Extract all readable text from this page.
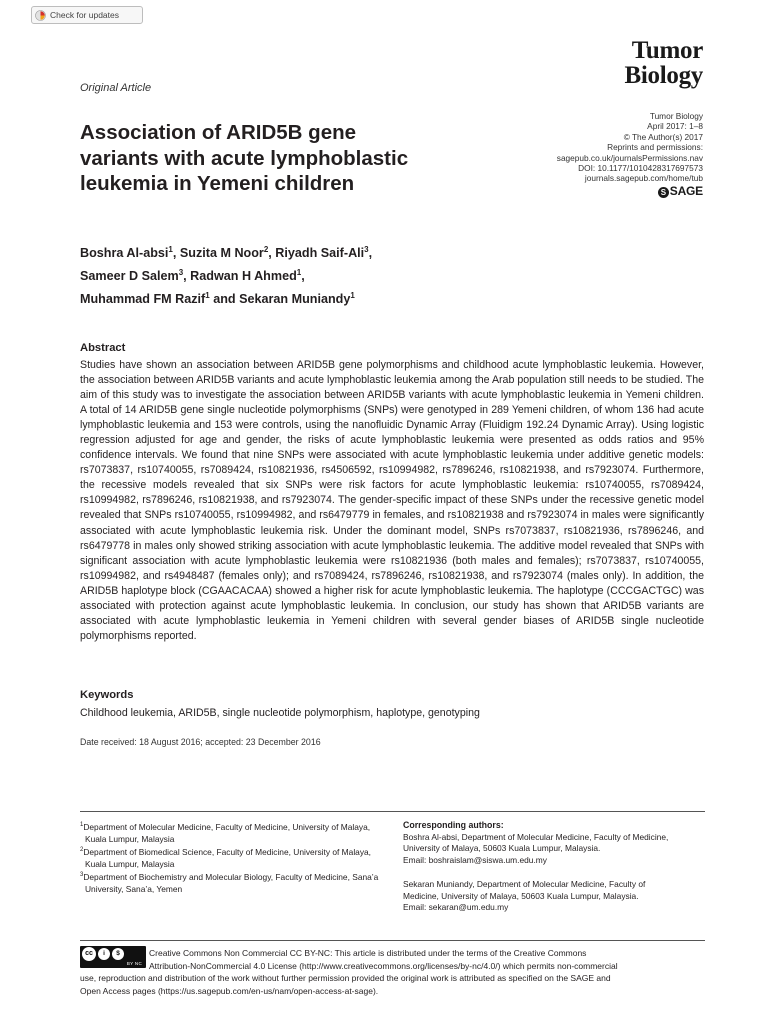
Check for updates
Tumor
Biology
Original Article
Tumor Biology
April 2017: 1–8
© The Author(s) 2017
Reprints and permissions:
sagepub.co.uk/journalsPermissions.nav
DOI: 10.1177/1010428317697573
journals.sagepub.com/home/tub
S SAGE
Association of ARID5B gene
variants with acute lymphoblastic
leukemia in Yemeni children
Boshra Al-absi$^1$, Suzita M Noor$^2$, Riyadh Saif-Ali$^3$,
Sameer D Salem$^3$, Radwan H Ahmed$^1$,
Muhammad FM Razif$^1$ and Sekaran Muniandy$^1$
Abstract

Studies have shown an association between ARID5B gene polymorphisms and childhood acute lymphoblastic leukemia. However, the association between ARID5B variants and acute lymphoblastic leukemia among the Arab population still needs to be studied. The aim of this study was to investigate the association between ARID5B variants with acute lymphoblastic leukemia in Yemeni children. A total of 14 ARID5B gene single nucleotide polymorphisms (SNPs) were genotyped in 289 Yemeni children, of whom 136 had acute lymphoblastic leukemia and 153 were controls, using the nanofluidic Dynamic Array (Fluidigm 192.24 Dynamic Array). Using logistic regression adjusted for age and gender, the risks of acute lymphoblastic leukemia were presented as odds ratios and 95% confidence intervals. We found that nine SNPs were associated with acute lymphoblastic leukemia under additive genetic models: rs7073837, rs10740055, rs7089424, rs10821936, rs4506592, rs10994982, rs7896246, rs10821938, and rs7923074. Furthermore, the recessive models revealed that six SNPs were risk factors for acute lymphoblastic leukemia: rs10740055, rs7089424, rs10994982, rs7896246, rs10821938, and rs7923074. The gender-specific impact of these SNPs under the recessive genetic model revealed that SNPs rs10740055, rs10994982, and rs6479779 in females, and rs10821938 and rs7923074 in males were significantly associated with acute lymphoblastic leukemia risk. Under the dominant model, SNPs rs7073837, rs10821936, rs7896246, and rs6479778 in males only showed striking association with acute lymphoblastic leukemia. The additive model revealed that SNPs with significant association with acute lymphoblastic leukemia were rs10821936 (both males and females); rs7073837, rs10740055, rs10994982, and rs4948487 (females only); and rs7089424, rs7896246, rs10821938, and rs7923074 (males only). In addition, the ARID5B haplotype block (CGAACACAA) showed a higher risk for acute lymphoblastic leukemia. The haplotype (CCCGACTGC) was associated with protection against acute lymphoblastic leukemia. In conclusion, our study has shown that ARID5B variants are associated with acute lymphoblastic leukemia in Yemeni children with several gender biases of ARID5B single nucleotide polymorphisms reported.

Keywords
Childhood leukemia, ARID5B, single nucleotide polymorphism, haplotype, genotyping
Date received: 18 August 2016; accepted: 23 December 2016
$^1$Department of Molecular Medicine, Faculty of Medicine, University of Malaya, Kuala Lumpur, Malaysia
$^2$Department of Biomedical Science, Faculty of Medicine, University of Malaya, Kuala Lumpur, Malaysia
$^3$Department of Biochemistry and Molecular Biology, Faculty of Medicine, Sana’a University, Sana’a, Yemen
Corresponding authors:
Boshra Al-absi, Department of Molecular Medicine, Faculty of Medicine,
University of Malaya, 50603 Kuala Lumpur, Malaysia.
Email: boshraislam@siswa.um.edu.my
Sekaran Muniandy, Department of Molecular Medicine, Faculty of
Medicine, University of Malaya, 50603 Kuala Lumpur, Malaysia.
Email: sekaran@um.edu.my
cc	i	$
BY NC

Creative Commons Non Commercial CC BY-NC: This article is distributed under the terms of the Creative Commons
Attribution-NonCommercial 4.0 License (http://www.creativecommons.org/licenses/by-nc/4.0/) which permits non-commercial
use, reproduction and distribution of the work without further permission provided the original work is attributed as specified on the SAGE and
Open Access pages (https://us.sagepub.com/en-us/nam/open-access-at-sage).
